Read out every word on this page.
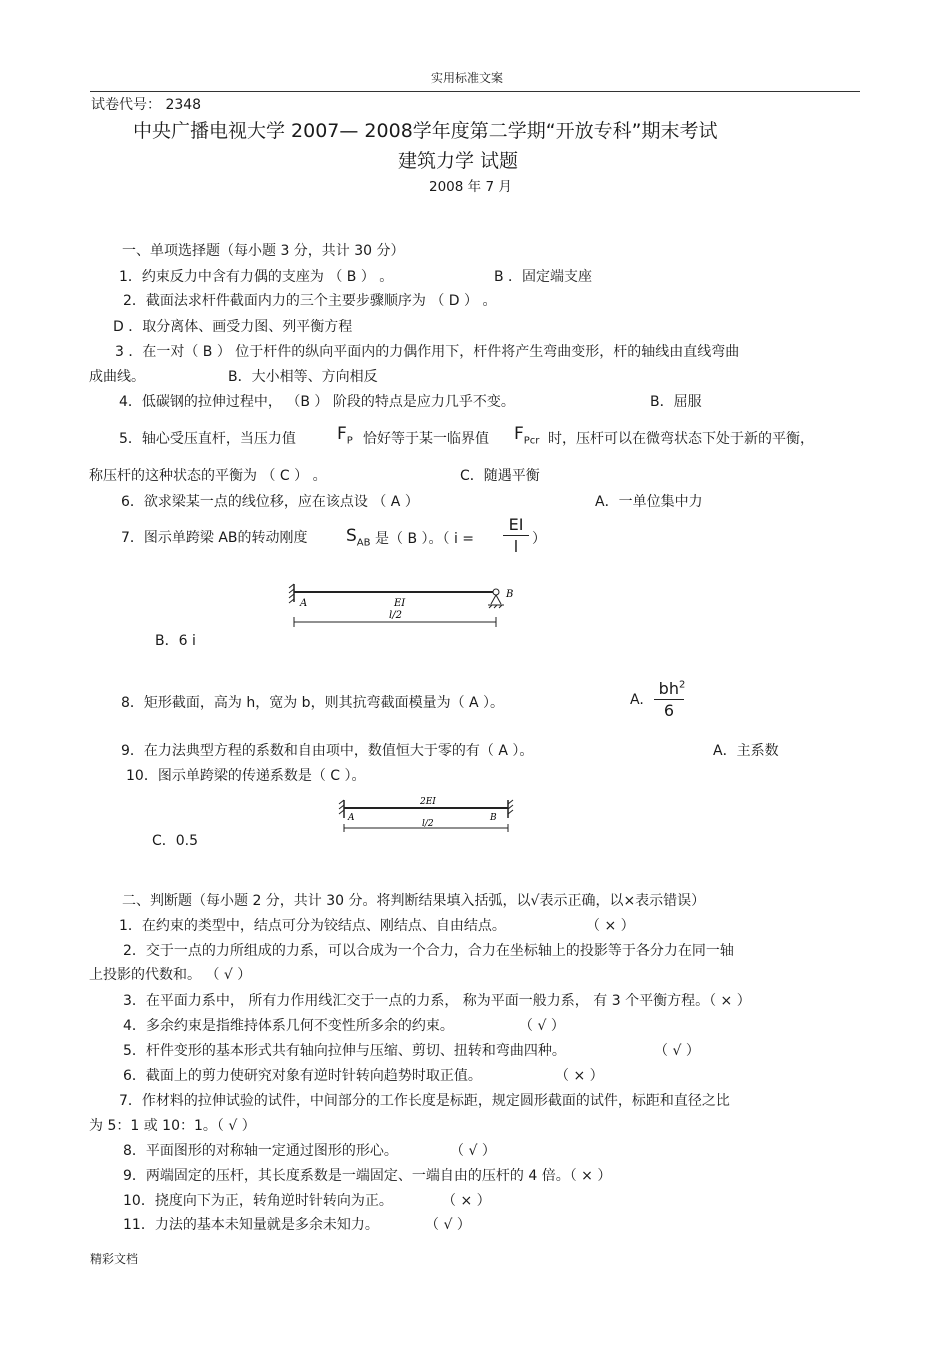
实用标准文案
试卷代号： 2348
中央广播电视大学 2007— 2008学年度第二学期“开放专科”期末考试
建筑力学 试题
2008 年 7 月
一、单项选择题（每小题 3 分，共计 30 分）
1．约束反力中含有力偶的支座为 （ B ） 。	B ．固定端支座
2．截面法求杆件截面内力的三个主要步骤顺序为 （ D ） 。
D ．取分离体、画受力图、列平衡方程
3 ．在一对（ B ） 位于杆件的纵向平面内的力偶作用下，杆件将产生弯曲变形，杆的轴线由直线弯曲
成曲线。	B．大小相等、方向相反
4．低碳钢的拉伸过程中， （B ） 阶段的特点是应力几乎不变。	B．屈服
5．轴心受压直杆，当压力值 $F_P$ 恰好等于某一临界值 $F_{Pcr}$ 时，压杆可以在微弯状态下处于新的平衡，
称压杆的这种状态的平衡为 （ C ） 。	C．随遇平衡
6．欲求梁某一点的线位移，应在该点设 （ A ）	A．一单位集中力
7．图示单跨梁 AB的转动刚度 $S_{AB}$ 是（ B ）。（ i =
EI
l ）
A
B
EI
l/2
B．6 i
8．矩形截面，高为 h，宽为 b，则其抗弯截面模量为（ A ）。	A.
$bh^2$
6
9．在力法典型方程的系数和自由项中，数值恒大于零的有（ A ）。	A．主系数
10．图示单跨梁的传递系数是（ C ）。
A	B
2EI
l/2
C．0.5
二、判断题（每小题 2 分，共计 30 分。将判断结果填入括弧，以√表示正确，以×表示错误）
1．在约束的类型中，结点可分为铰结点、刚结点、自由结点。	（ × ）
2．交于一点的力所组成的力系，可以合成为一个合力，合力在坐标轴上的投影等于各分力在同一轴
上投影的代数和。 （ √ ）
3．在平面力系中， 所有力作用线汇交于一点的力系， 称为平面一般力系， 有 3 个平衡方程。（ × ）
4．多余约束是指维持体系几何不变性所多余的约束。	（ √ ）
5．杆件变形的基本形式共有轴向拉伸与压缩、剪切、扭转和弯曲四种。	（ √ ）
6．截面上的剪力使研究对象有逆时针转向趋势时取正值。	（ × ）
7．作材料的拉伸试验的试件，中间部分的工作长度是标距，规定圆形截面的试件，标距和直径之比
为 5：1 或 10：1。（ √ ）
8．平面图形的对称轴一定通过图形的形心。	（ √ ）
9．两端固定的压杆，其长度系数是一端固定、一端自由的压杆的 4 倍。（ × ）
10．挠度向下为正，转角逆时针转向为正。	（ × ）
11．力法的基本未知量就是多余未知力。	（ √ ）
精彩文档
